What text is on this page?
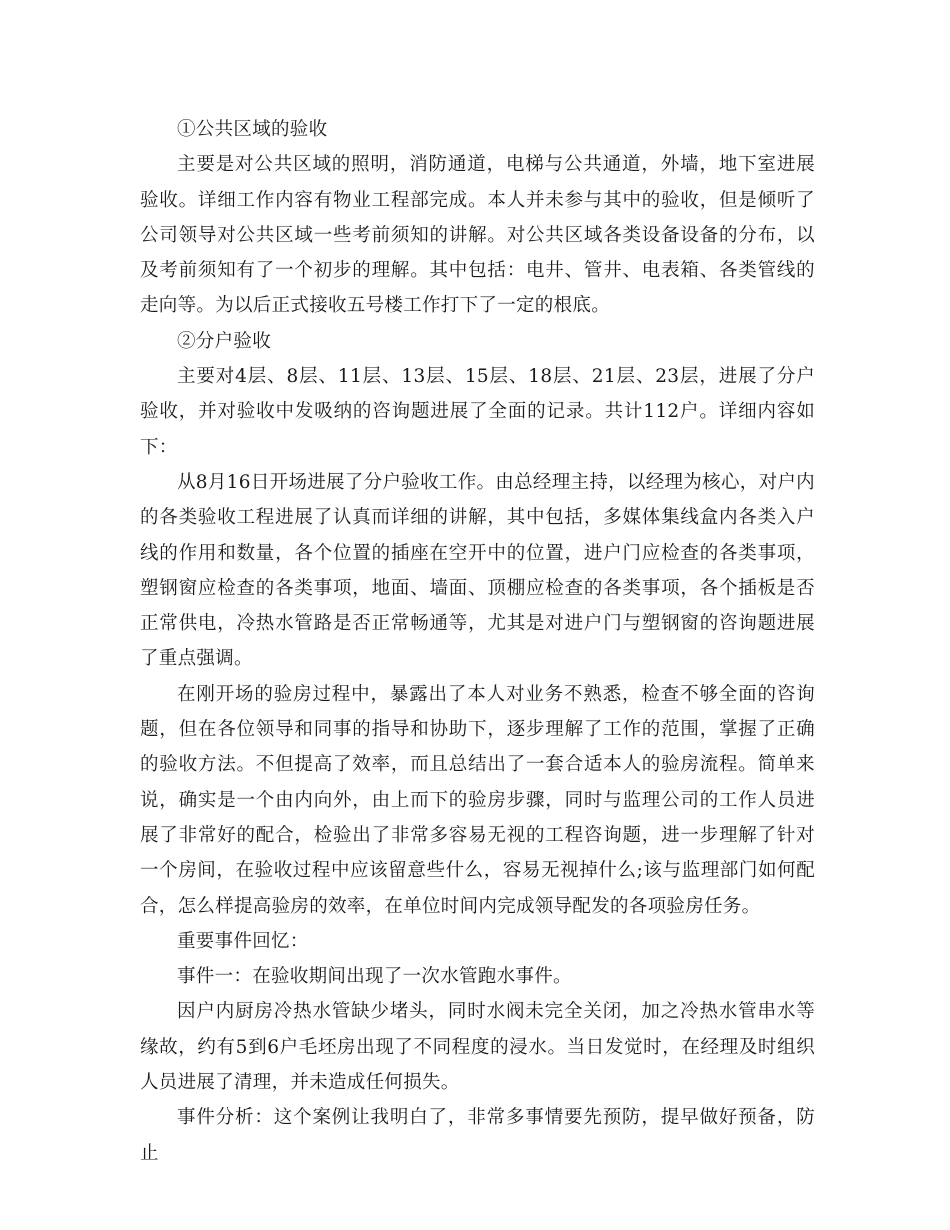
①公共区域的验收

主要是对公共区域的照明，消防通道，电梯与公共通道，外墙，地下室进展验收。详细工作内容有物业工程部完成。本人并未参与其中的验收，但是倾听了公司领导对公共区域一些考前须知的讲解。对公共区域各类设备设备的分布，以及考前须知有了一个初步的理解。其中包括：电井、管井、电表箱、各类管线的走向等。为以后正式接收五号楼工作打下了一定的根底。

②分户验收

主要对4层、8层、11层、13层、15层、18层、21层、23层，进展了分户验收，并对验收中发吸纳的咨询题进展了全面的记录。共计112户。详细内容如下：

从8月16日开场进展了分户验收工作。由总经理主持，以经理为核心，对户内的各类验收工程进展了认真而详细的讲解，其中包括，多媒体集线盒内各类入户线的作用和数量，各个位置的插座在空开中的位置，进户门应检查的各类事项，塑钢窗应检查的各类事项，地面、墙面、顶棚应检查的各类事项，各个插板是否正常供电，冷热水管路是否正常畅通等，尤其是对进户门与塑钢窗的咨询题进展了重点强调。

在刚开场的验房过程中，暴露出了本人对业务不熟悉，检查不够全面的咨询题，但在各位领导和同事的指导和协助下，逐步理解了工作的范围，掌握了正确的验收方法。不但提高了效率，而且总结出了一套合适本人的验房流程。简单来说，确实是一个由内向外，由上而下的验房步骤，同时与监理公司的工作人员进展了非常好的配合，检验出了非常多容易无视的工程咨询题，进一步理解了针对一个房间，在验收过程中应该留意些什么，容易无视掉什么;该与监理部门如何配合，怎么样提高验房的效率，在单位时间内完成领导配发的各项验房任务。

重要事件回忆：

事件一：在验收期间出现了一次水管跑水事件。

因户内厨房冷热水管缺少堵头，同时水阀未完全关闭，加之冷热水管串水等缘故，约有5到6户毛坯房出现了不同程度的浸水。当日发觉时，在经理及时组织人员进展了清理，并未造成任何损失。

事件分析：这个案例让我明白了，非常多事情要先预防，提早做好预备，防止
